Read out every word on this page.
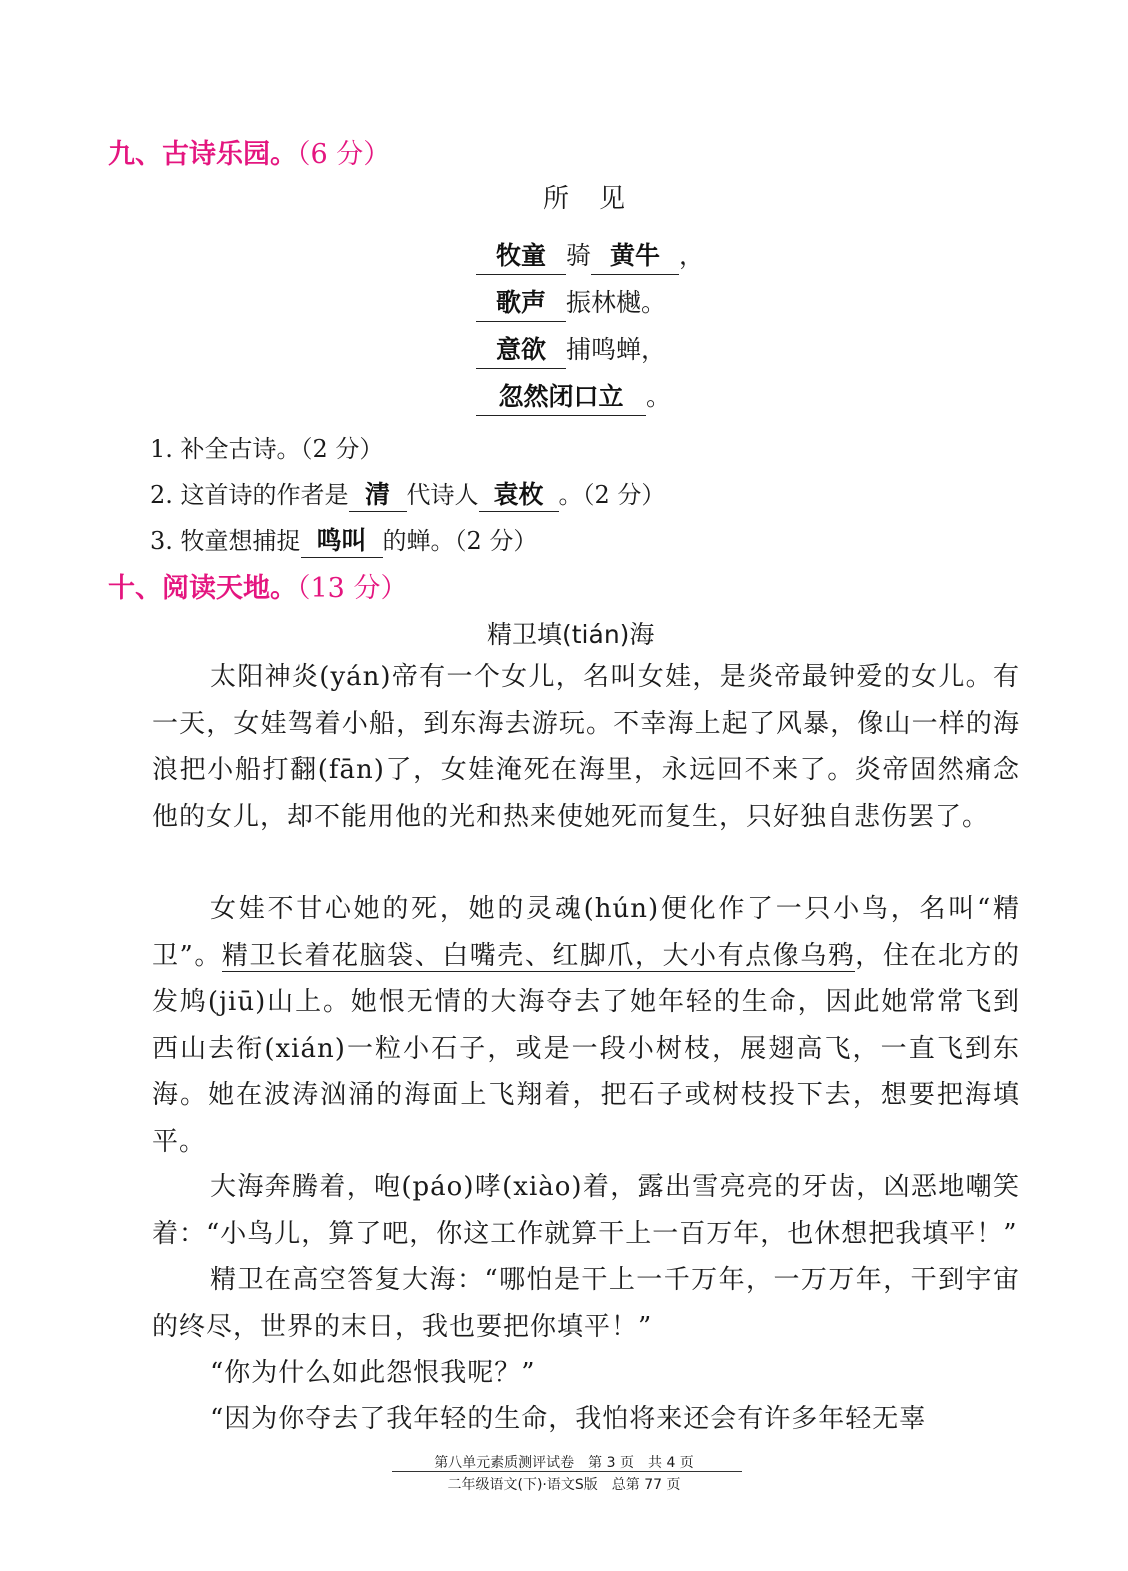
九、古诗乐园。（6 分）
所见
牧童 骑 黄牛 ，
歌声 振林樾。
意欲 捕鸣蝉，
忽然闭口立 。
1. 补全古诗。（2 分）
2. 这首诗的作者是 清 代诗人 袁枚 。（2 分）
3. 牧童想捕捉 鸣叫 的蝉。（2 分）
十、阅读天地。（13 分）
精卫填(tián)海

太阳神炎(yán)帝有一个女儿，名叫女娃，是炎帝最钟爱的女儿。有一天，女娃驾着小船，到东海去游玩。不幸海上起了风暴，像山一样的海浪把小船打翻(fān)了，女娃淹死在海里，永远回不来了。炎帝固然痛念他的女儿，却不能用他的光和热来使她死而复生，只好独自悲伤罢了。

女娃不甘心她的死，她的灵魂(hún)便化作了一只小鸟，名叫“精卫”。精卫长着花脑袋、白嘴壳、红脚爪，大小有点像乌鸦，住在北方的发鸠(jiū)山上。她恨无情的大海夺去了她年轻的生命，因此她常常飞到西山去衔(xián)一粒小石子，或是一段小树枝，展翅高飞，一直飞到东海。她在波涛汹涌的海面上飞翔着，把石子或树枝投下去，想要把海填平。

大海奔腾着，咆(páo)哮(xiào)着，露出雪亮亮的牙齿，凶恶地嘲笑着：“小鸟儿，算了吧，你这工作就算干上一百万年，也休想把我填平！”

精卫在高空答复大海：“哪怕是干上一千万年，一万万年，干到宇宙的终尽，世界的末日，我也要把你填平！”

“你为什么如此怨恨我呢？”

“因为你夺去了我年轻的生命，我怕将来还会有许多年轻无辜

第八单元素质测评试卷　第 3 页　共 4 页
二年级语文(下)·语文S版　总第 77 页
